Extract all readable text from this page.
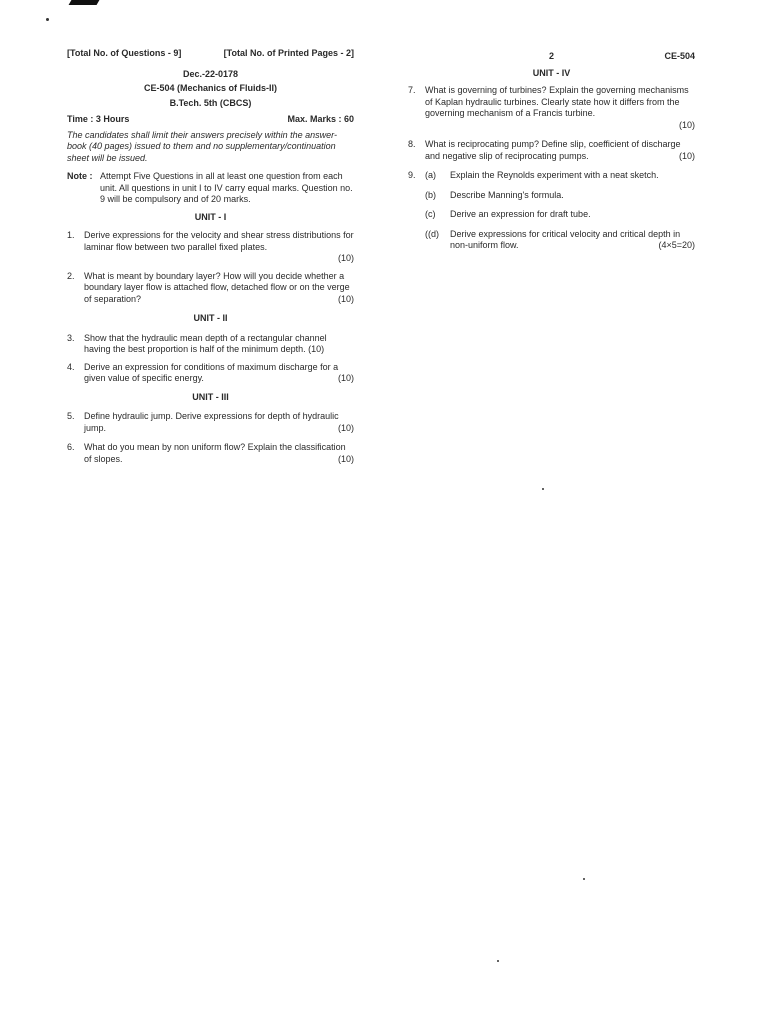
[Total No. of Questions - 9]	[Total No. of Printed Pages - 2]
Dec.-22-0178
CE-504 (Mechanics of Fluids-II)
B.Tech. 5th (CBCS)
Time : 3 Hours	Max. Marks : 60
The candidates shall limit their answers precisely within the answer-book (40 pages) issued to them and no supplementary/continuation sheet will be issued.
Note : Attempt Five Questions in all at least one question from each unit. All questions in unit I to IV carry equal marks. Question no. 9 will be compulsory and of 20 marks.
UNIT - I
1.	Derive expressions for the velocity and shear stress distributions for laminar flow between two parallel fixed plates.
(10)
2.	What is meant by boundary layer? How will you decide whether a boundary layer flow is attached flow, detached flow or on the verge of separation?	(10)
UNIT - II
3.	Show that the hydraulic mean depth of a rectangular channel having the best proportion is half of the minimum depth. (10)
4.	Derive an expression for conditions of maximum discharge for a given value of specific energy.	(10)
UNIT - III
5.	Define hydraulic jump. Derive expressions for depth of hydraulic jump.	(10)
6.	What do you mean by non uniform flow? Explain the classification of slopes.	(10)
2	CE-504
UNIT - IV
7.	What is governing of turbines? Explain the governing mechanisms of Kaplan hydraulic turbines. Clearly state how it differs from the governing mechanism of a Francis turbine.
(10)
8.	What is reciprocating pump? Define slip, coefficient of discharge and negative slip of reciprocating pumps.	(10)
9.	(a)	Explain the Reynolds experiment with a neat sketch.
(b)	Describe Manning's formula.
(c)	Derive an expression for draft tube.
((d)	Derive expressions for critical velocity and critical depth in non-uniform flow.	(4×5=20)
